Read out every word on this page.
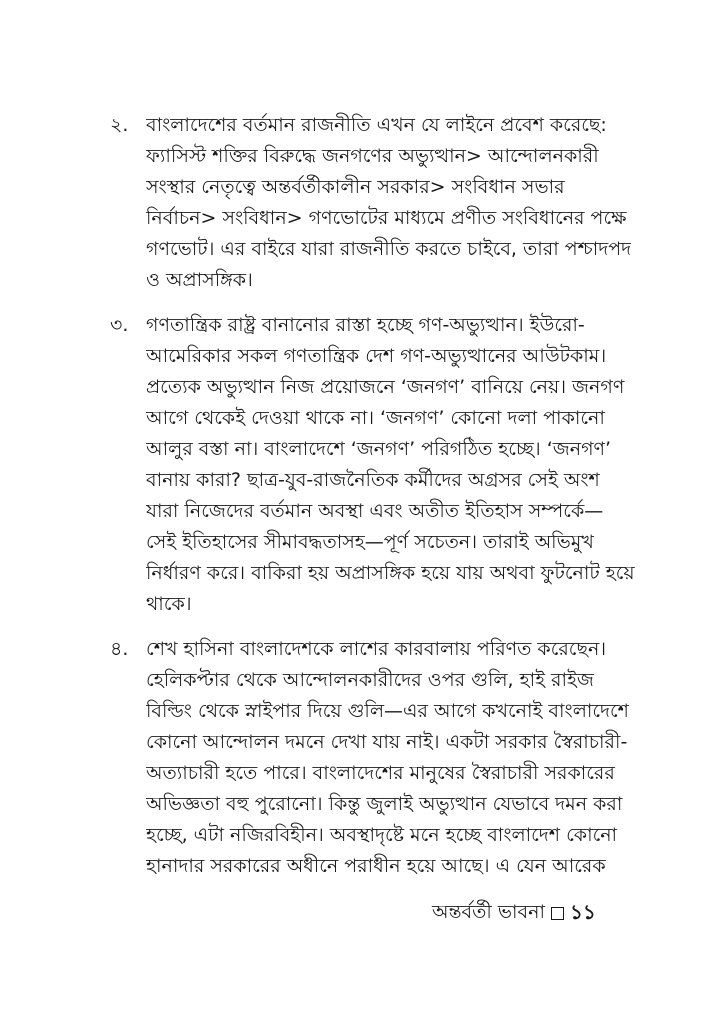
২. বাংলাদেশের বর্তমান রাজনীতি এখন যে লাইনে প্রবেশ করেছে:
ফ্যাসিস্ট শক্তির বিরুদ্ধে জনগণের অভ্যুত্থান> আন্দোলনকারী
সংস্থার নেতৃত্বে অন্তর্বর্তীকালীন সরকার> সংবিধান সভার
নির্বাচন> সংবিধান> গণভোটের মাধ্যমে প্রণীত সংবিধানের পক্ষে
গণভোট। এর বাইরে যারা রাজনীতি করতে চাইবে, তারা পশ্চাদপদ
ও অপ্রাসঙ্গিক।
৩. গণতান্ত্রিক রাষ্ট্র বানানোর রাস্তা হচ্ছে গণ-অভ্যুত্থান। ইউরো-
আমেরিকার সকল গণতান্ত্রিক দেশ গণ-অভ্যুত্থানের আউটকাম।
প্রত্যেক অভ্যুত্থান নিজ প্রয়োজনে ‘জনগণ’ বানিয়ে নেয়। জনগণ
আগে থেকেই দেওয়া থাকে না। ‘জনগণ’ কোনো দলা পাকানো
আলুর বস্তা না। বাংলাদেশে ‘জনগণ’ পরিগঠিত হচ্ছে। ‘জনগণ’
বানায় কারা? ছাত্র-যুব-রাজনৈতিক কর্মীদের অগ্রসর সেই অংশ
যারা নিজেদের বর্তমান অবস্থা এবং অতীত ইতিহাস সম্পর্কে—
সেই ইতিহাসের সীমাবদ্ধতাসহ—পূর্ণ সচেতন। তারাই অভিমুখ
নির্ধারণ করে। বাকিরা হয় অপ্রাসঙ্গিক হয়ে যায় অথবা ফুটনোট হয়ে
থাকে।
৪. শেখ হাসিনা বাংলাদেশকে লাশের কারবালায় পরিণত করেছেন।
হেলিকপ্টার থেকে আন্দোলনকারীদের ওপর গুলি, হাই রাইজ
বিল্ডিং থেকে স্নাইপার দিয়ে গুলি—এর আগে কখনোই বাংলাদেশে
কোনো আন্দোলন দমনে দেখা যায় নাই। একটা সরকার স্বৈরাচারী-
অত্যাচারী হতে পারে। বাংলাদেশের মানুষের স্বৈরাচারী সরকারের
অভিজ্ঞতা বহু পুরোনো। কিন্তু জুলাই অভ্যুত্থান যেভাবে দমন করা
হচ্ছে, এটা নজিরবিহীন। অবস্থাদৃষ্টে মনে হচ্ছে বাংলাদেশ কোনো
হানাদার সরকারের অধীনে পরাধীন হয়ে আছে। এ যেন আরেক
অন্তর্বর্তী ভাবনা ১১
